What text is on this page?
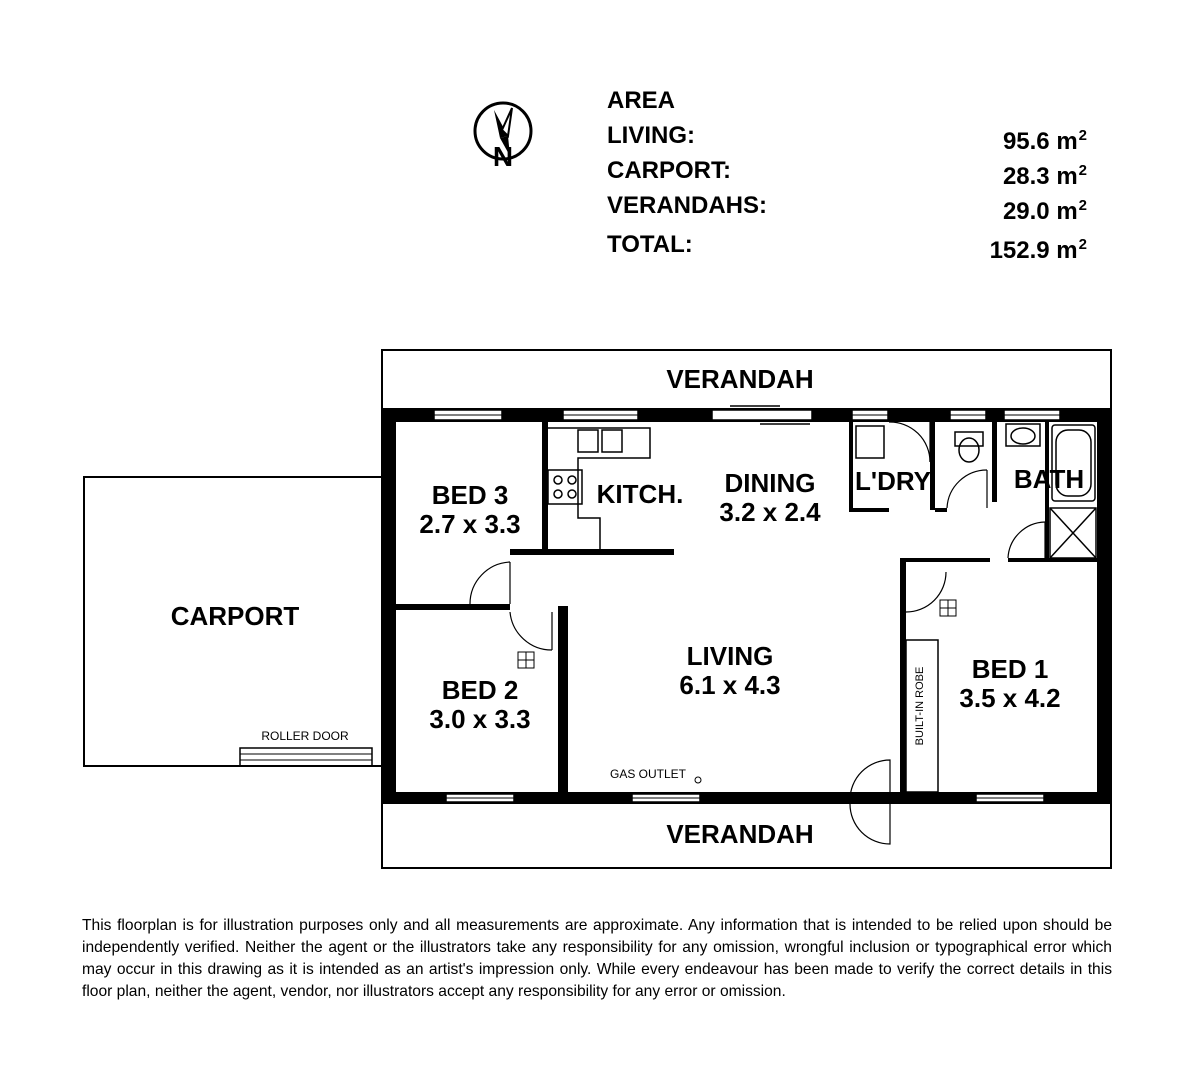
N
AREA
LIVING:	95.6 $m^2$
CARPORT:	28.3 $m^2$
VERANDAHS:	29.0 $m^2$
TOTAL:	152.9 $m^2$
VERANDAH
VERANDAH
CARPORT
ROLLER DOOR
BED 3
2.7 x 3.3
KITCH.	DINING
3.2 x 2.4
L'DRY	BATH
BED 2
3.0 x 3.3
LIVING
6.1 x 4.3
BED 1
3.5 x 4.2
BUILT-IN ROBE
GAS OUTLET
This floorplan is for illustration purposes only and all measurements are approximate. Any information that is intended to be relied upon should be independently verified. Neither the agent or the illustrators take any responsibility for any omission, wrongful inclusion or typographical error which may occur in this drawing as it is intended as an artist's impression only. While every endeavour has been made to verify the correct details in this floor plan, neither the agent, vendor, nor illustrators accept any responsibility for any error or omission.
